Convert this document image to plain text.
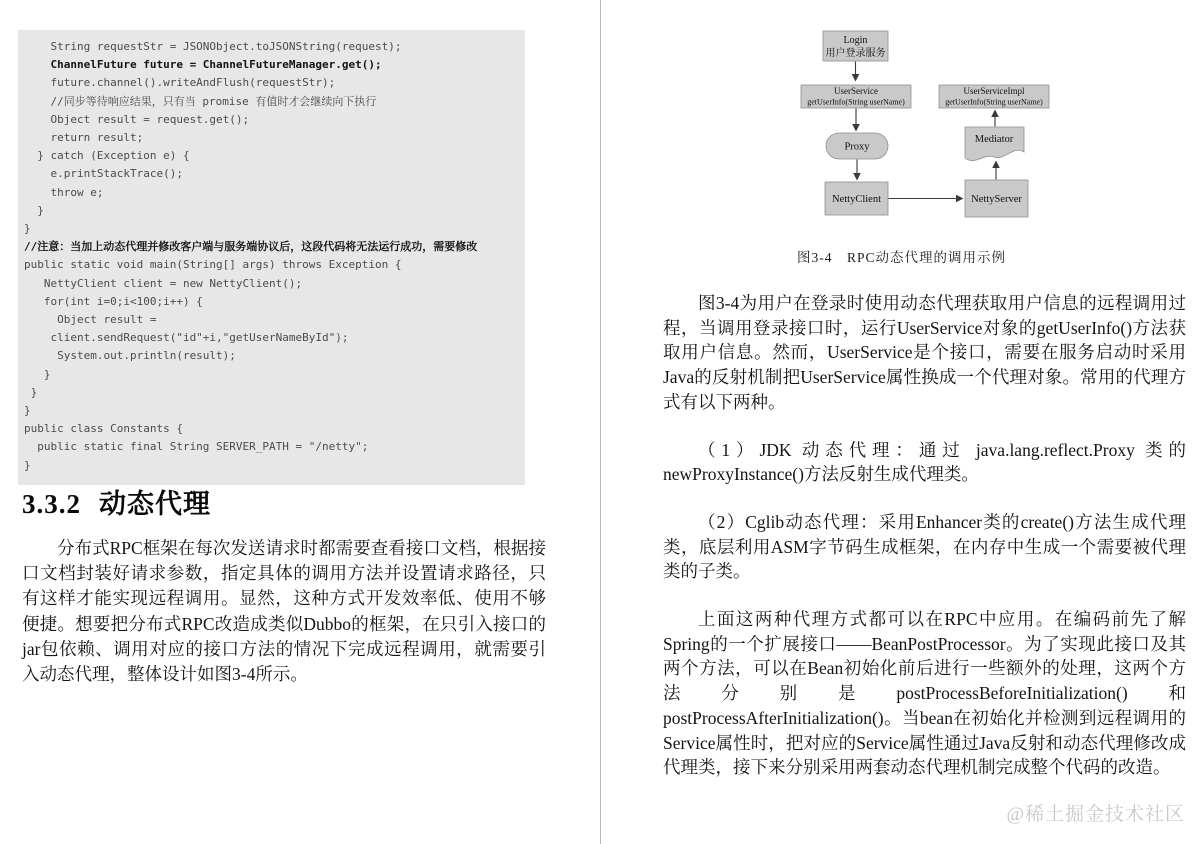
String requestStr = JSONObject.toJSONString(request);
ChannelFuture future = ChannelFutureManager.get();
future.channel().writeAndFlush(requestStr);
//同步等待响应结果，只有当 promise 有值时才会继续向下执行
Object result = request.get();
return result;
} catch (Exception e) {
e.printStackTrace();
throw e;
}
}
//注意：当加上动态代理并修改客户端与服务端协议后，这段代码将无法运行成功，需要修改
public static void main(String[] args) throws Exception {
NettyClient client = new NettyClient();
for(int i=0;i<100;i++) {
Object result =
client.sendRequest("id"+i,"getUserNameById");
System.out.println(result);
}
}
}
public class Constants {
public static final String SERVER_PATH = "/netty";
}
3.3.2 动态代理

分布式RPC框架在每次发送请求时都需要查看接口文档，根据接口文档封装好请求参数，指定具体的调用方法并设置请求路径，只有这样才能实现远程调用。显然，这种方式开发效率低、使用不够便捷。想要把分布式RPC改造成类似Dubbo的框架，在只引入接口的jar包依赖、调用对应的接口方法的情况下完成远程调用，就需要引入动态代理，整体设计如图3-4所示。

Login
用户登录服务
UserService
getUserInfo(String userName)
UserServiceImpl
getUserInfo(String userName)
Proxy
Mediator
NettyClient	NettyServer
图3-4　RPC动态代理的调用示例

图3-4为用户在登录时使用动态代理获取用户信息的远程调用过程，当调用登录接口时，运行UserService对象的getUserInfo()方法获取用户信息。然而，UserService是个接口，需要在服务启动时采用Java的反射机制把UserService属性换成一个代理对象。常用的代理方式有以下两种。

（1）JDK 动态代理：通过 java.lang.reflect.Proxy 类的newProxyInstance()方法反射生成代理类。

（2）Cglib动态代理：采用Enhancer类的create()方法生成代理类，底层利用ASM字节码生成框架，在内存中生成一个需要被代理类的子类。

上面这两种代理方式都可以在RPC中应用。在编码前先了解Spring的一个扩展接口——BeanPostProcessor。为了实现此接口及其两个方法，可以在Bean初始化前后进行一些额外的处理，这两个方法分别是postProcessBeforeInitialization()和postProcessAfterInitialization()。当bean在初始化并检测到远程调用的Service属性时，把对应的Service属性通过Java反射和动态代理修改成代理类，接下来分别采用两套动态代理机制完成整个代码的改造。

@稀土掘金技术社区
